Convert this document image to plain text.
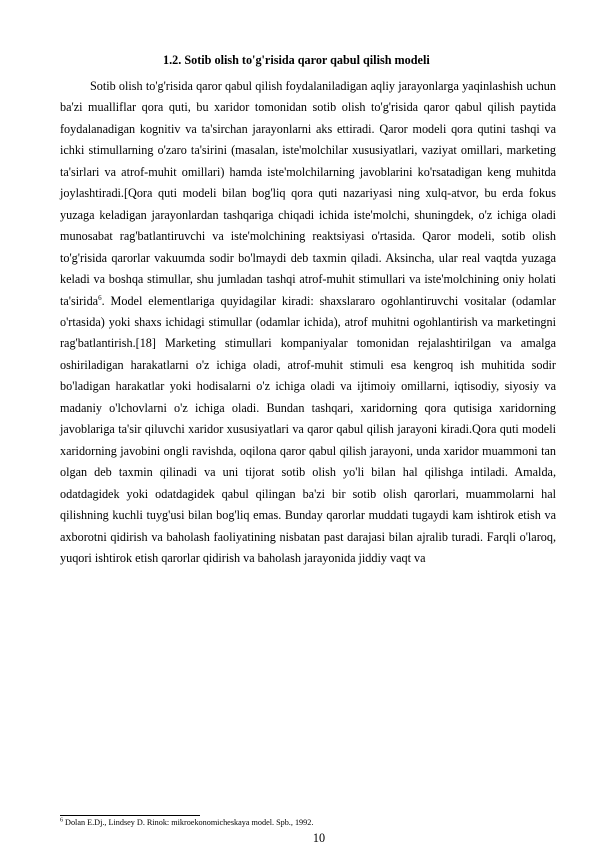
1.2. Sotib olish to'g'risida qaror qabul qilish modeli

Sotib olish to'g'risida qaror qabul qilish foydalaniladigan aqliy jarayonlarga yaqinlashish uchun ba'zi mualliflar qora quti, bu xaridor tomonidan sotib olish to'g'risida qaror qabul qilish paytida foydalanadigan kognitiv va ta'sirchan jarayonlarni aks ettiradi. Qaror modeli qora qutini tashqi va ichki stimullarning o'zaro ta'sirini (masalan, iste'molchilar xususiyatlari, vaziyat omillari, marketing ta'sirlari va atrof-muhit omillari) hamda iste'molchilarning javoblarini ko'rsatadigan keng muhitda joylashtiradi.[Qora quti modeli bilan bog'liq qora quti nazariyasi ning xulq-atvor, bu erda fokus yuzaga keladigan jarayonlardan tashqariga chiqadi ichida iste'molchi, shuningdek, o'z ichiga oladi munosabat rag'batlantiruvchi va iste'molchining reaktsiyasi o'rtasida. Qaror modeli, sotib olish to'g'risida qarorlar vakuumda sodir bo'lmaydi deb taxmin qiladi. Aksincha, ular real vaqtda yuzaga keladi va boshqa stimullar, shu jumladan tashqi atrof-muhit stimullari va iste'molchining oniy holati ta'sirida$^6$. Model elementlariga quyidagilar kiradi: shaxslararo ogohlantiruvchi vositalar (odamlar o'rtasida) yoki shaxs ichidagi stimullar (odamlar ichida), atrof muhitni ogohlantirish va marketingni rag'batlantirish.[18] Marketing stimullari kompaniyalar tomonidan rejalashtirilgan va amalga oshiriladigan harakatlarni o'z ichiga oladi, atrof-muhit stimuli esa kengroq ish muhitida sodir bo'ladigan harakatlar yoki hodisalarni o'z ichiga oladi va ijtimoiy omillarni, iqtisodiy, siyosiy va madaniy o'lchovlarni o'z ichiga oladi. Bundan tashqari, xaridorning qora qutisiga xaridorning javoblariga ta'sir qiluvchi xaridor xususiyatlari va qaror qabul qilish jarayoni kiradi.Qora quti modeli xaridorning javobini ongli ravishda, oqilona qaror qabul qilish jarayoni, unda xaridor muammoni tan olgan deb taxmin qilinadi va uni tijorat sotib olish yo'li bilan hal qilishga intiladi. Amalda, odatdagidek yoki odatdagidek qabul qilingan ba'zi bir sotib olish qarorlari, muammolarni hal qilishning kuchli tuyg'usi bilan bog'liq emas. Bunday qarorlar muddati tugaydi kam ishtirok etish va axborotni qidirish va baholash faoliyatining nisbatan past darajasi bilan ajralib turadi. Farqli o'laroq, yuqori ishtirok etish qarorlar qidirish va baholash jarayonida jiddiy vaqt va

$^6$ Dolan E.Dj., Lindsey D. Rinok: mikroekonomicheskaya model. Spb., 1992.
10
